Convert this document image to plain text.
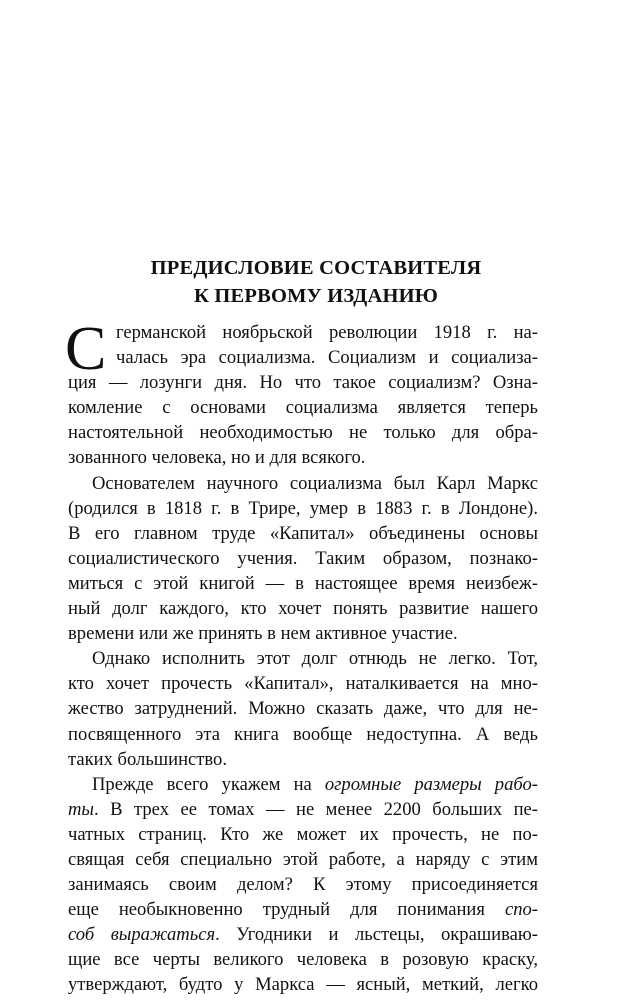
ПРЕДИСЛОВИЕ СОСТАВИТЕЛЯ
К ПЕРВОМУ ИЗДАНИЮ
С германской ноябрьской революции 1918 г. на-
чалась эра социализма. Социализм и социализа-
ция — лозунги дня. Но что такое социализм? Озна-
комление с основами социализма является теперь
настоятельной необходимостью не только для обра-
зованного человека, но и для всякого.
Основателем научного социализма был Карл Маркс
(родился в 1818 г. в Трире, умер в 1883 г. в Лондоне).
В его главном труде «Капитал» объединены основы
социалистического учения. Таким образом, познако-
миться с этой книгой — в настоящее время неизбеж-
ный долг каждого, кто хочет понять развитие нашего
времени или же принять в нем активное участие.
Однако исполнить этот долг отнюдь не легко. Тот,
кто хочет прочесть «Капитал», наталкивается на мно-
жество затруднений. Можно сказать даже, что для не-
посвященного эта книга вообще недоступна. А ведь
таких большинство.
Прежде всего укажем на огромные размеры рабо-
ты. В трех ее томах — не менее 2200 больших пе-
чатных страниц. Кто же может их прочесть, не по-
свящая себя специально этой работе, а наряду с этим
занимаясь своим делом? К этому присоединяется
еще необыкновенно трудный для понимания спо-
соб выражаться. Угодники и льстецы, окрашиваю-
щие все черты великого человека в розовую краску,
утверждают, будто у Маркса — ясный, меткий, легко
